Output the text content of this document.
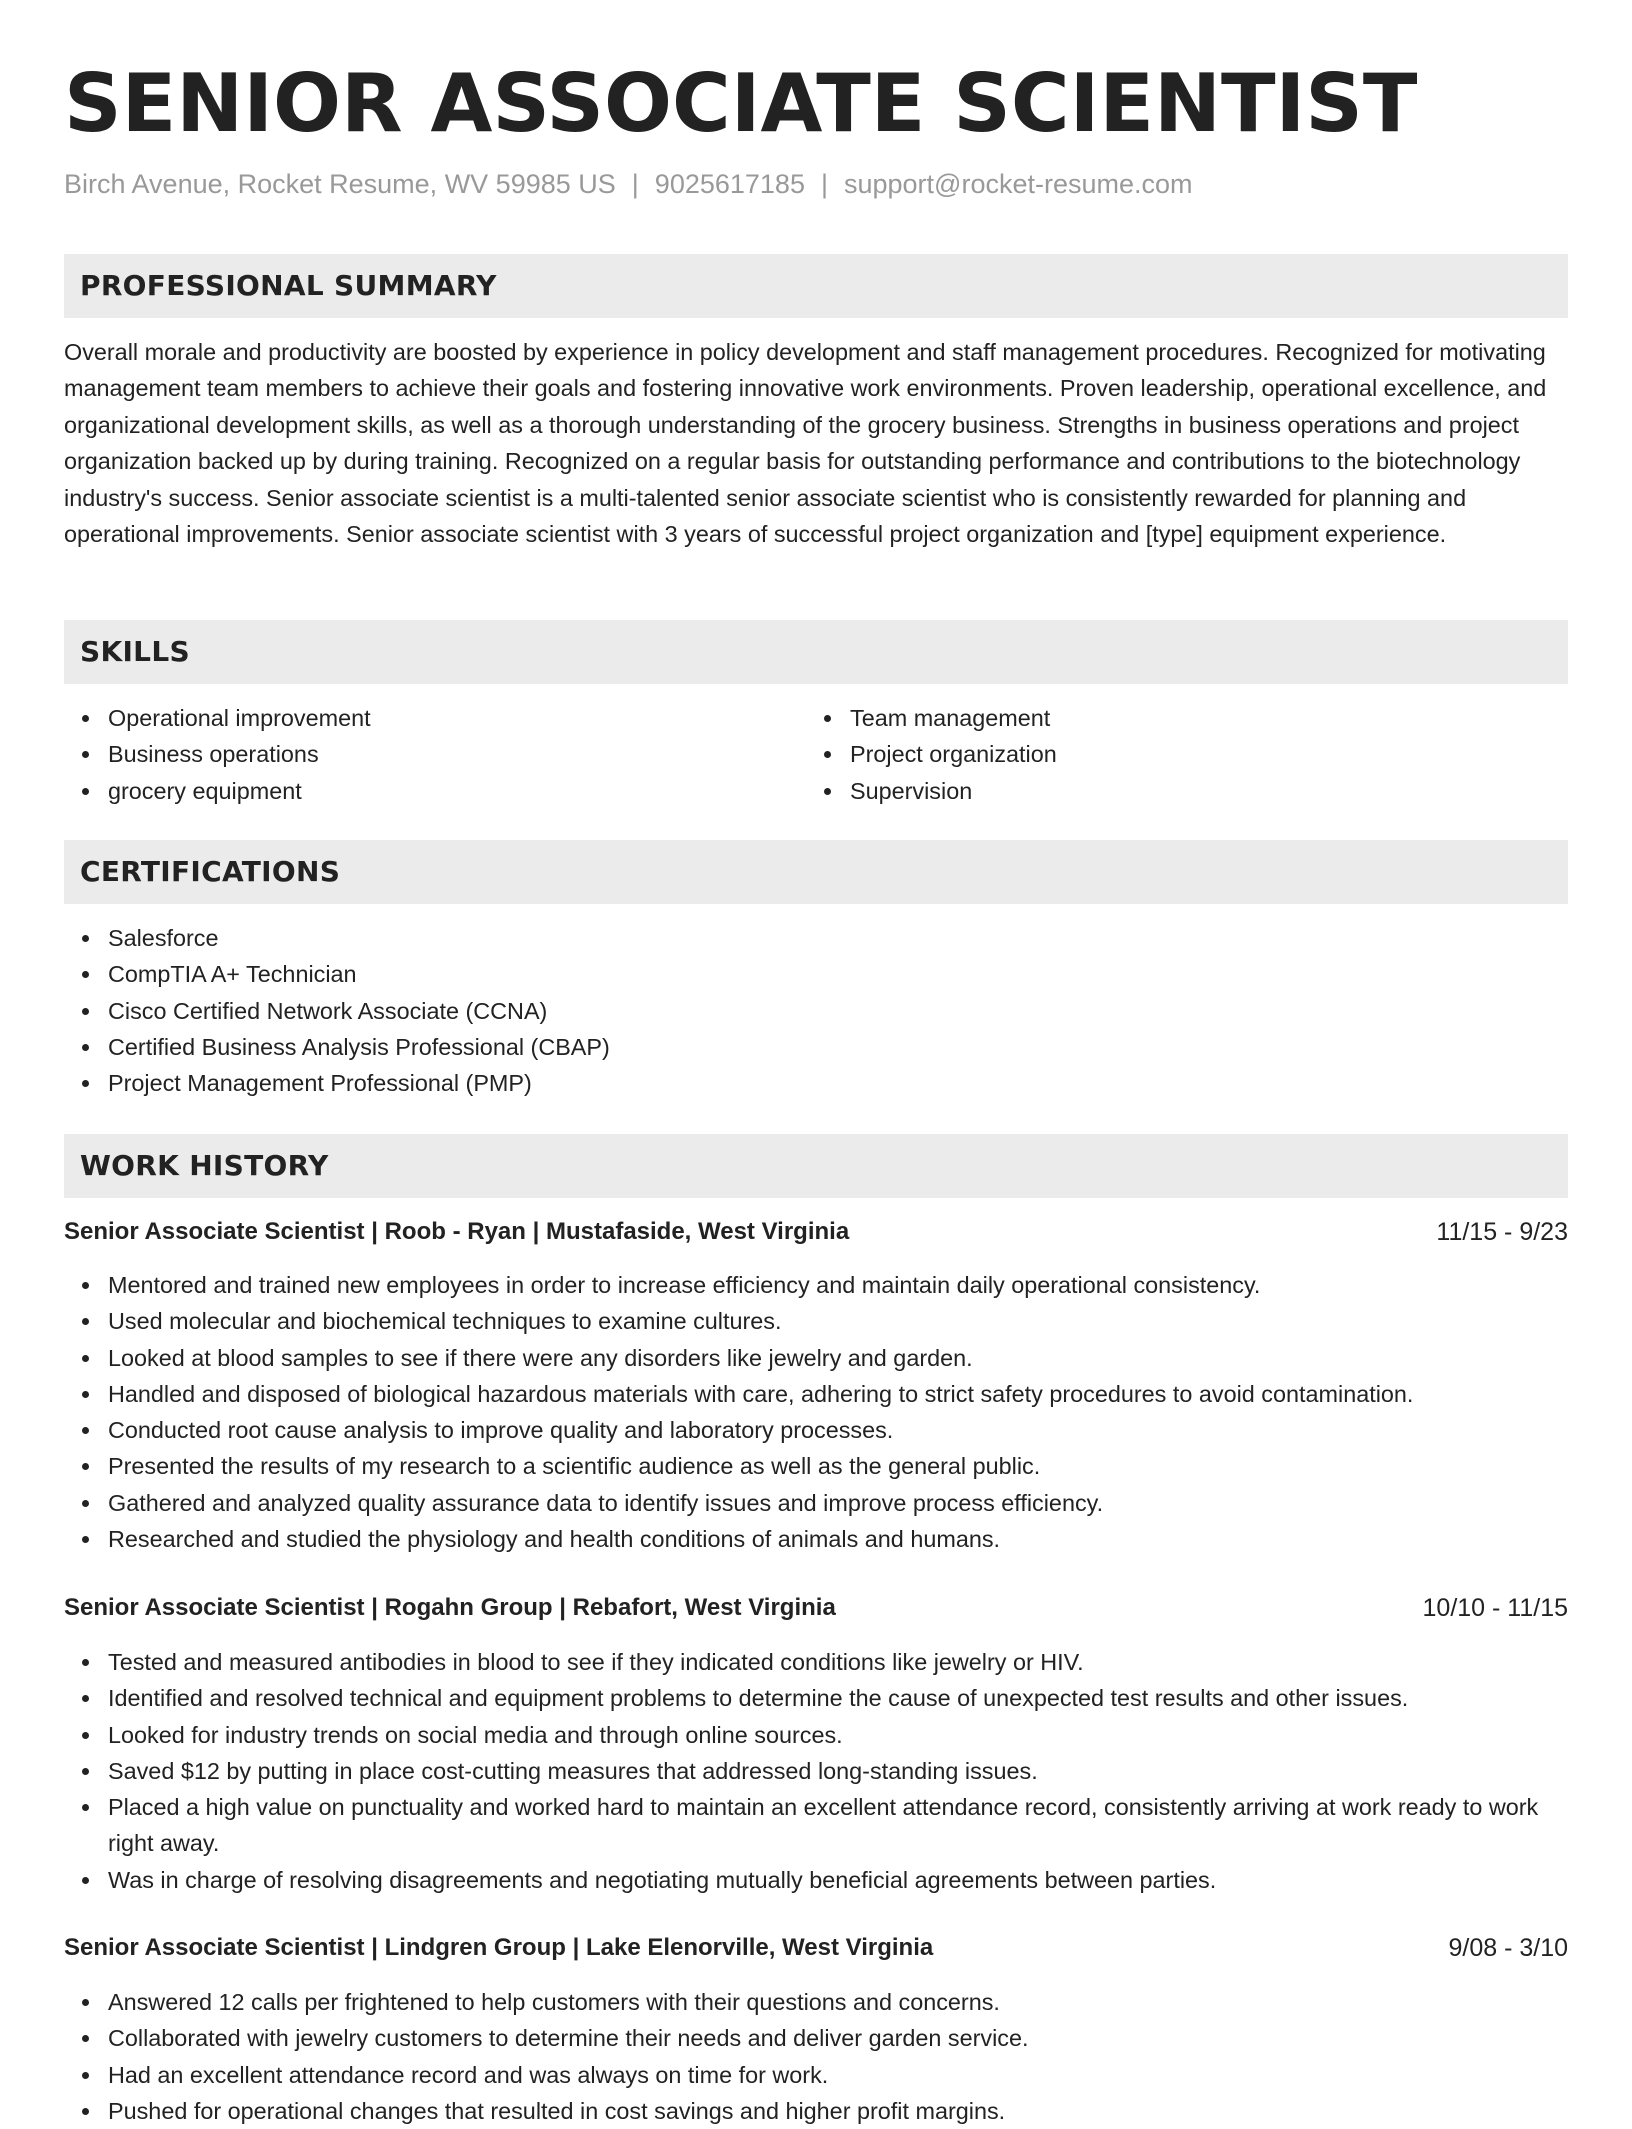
SENIOR ASSOCIATE SCIENTIST
Birch Avenue, Rocket Resume, WV 59985 US | 9025617185 | support@rocket-resume.com
PROFESSIONAL SUMMARY

Overall morale and productivity are boosted by experience in policy development and staff management procedures. Recognized for motivating management team members to achieve their goals and fostering innovative work environments. Proven leadership, operational excellence, and organizational development skills, as well as a thorough understanding of the grocery business. Strengths in business operations and project organization backed up by during training. Recognized on a regular basis for outstanding performance and contributions to the biotechnology industry's success. Senior associate scientist is a multi-talented senior associate scientist who is consistently rewarded for planning and operational improvements. Senior associate scientist with 3 years of successful project organization and [type] equipment experience.

SKILLS
Operational improvement
Business operations
grocery equipment
Team management
Project organization
Supervision
CERTIFICATIONS
Salesforce
CompTIA A+ Technician
Cisco Certified Network Associate (CCNA)
Certified Business Analysis Professional (CBAP)
Project Management Professional (PMP)
WORK HISTORY
Senior Associate Scientist | Roob - Ryan | Mustafaside, West Virginia	11/15 - 9/23
Mentored and trained new employees in order to increase efficiency and maintain daily operational consistency.
Used molecular and biochemical techniques to examine cultures.
Looked at blood samples to see if there were any disorders like jewelry and garden.
Handled and disposed of biological hazardous materials with care, adhering to strict safety procedures to avoid contamination.
Conducted root cause analysis to improve quality and laboratory processes.
Presented the results of my research to a scientific audience as well as the general public.
Gathered and analyzed quality assurance data to identify issues and improve process efficiency.
Researched and studied the physiology and health conditions of animals and humans.
Senior Associate Scientist | Rogahn Group | Rebafort, West Virginia	10/10 - 11/15
Tested and measured antibodies in blood to see if they indicated conditions like jewelry or HIV.
Identified and resolved technical and equipment problems to determine the cause of unexpected test results and other issues.
Looked for industry trends on social media and through online sources.
Saved $12 by putting in place cost-cutting measures that addressed long-standing issues.
Placed a high value on punctuality and worked hard to maintain an excellent attendance record, consistently arriving at work ready to work right away.
Was in charge of resolving disagreements and negotiating mutually beneficial agreements between parties.
Senior Associate Scientist | Lindgren Group | Lake Elenorville, West Virginia	9/08 - 3/10
Answered 12 calls per frightened to help customers with their questions and concerns.
Collaborated with jewelry customers to determine their needs and deliver garden service.
Had an excellent attendance record and was always on time for work.
Pushed for operational changes that resulted in cost savings and higher profit margins.
